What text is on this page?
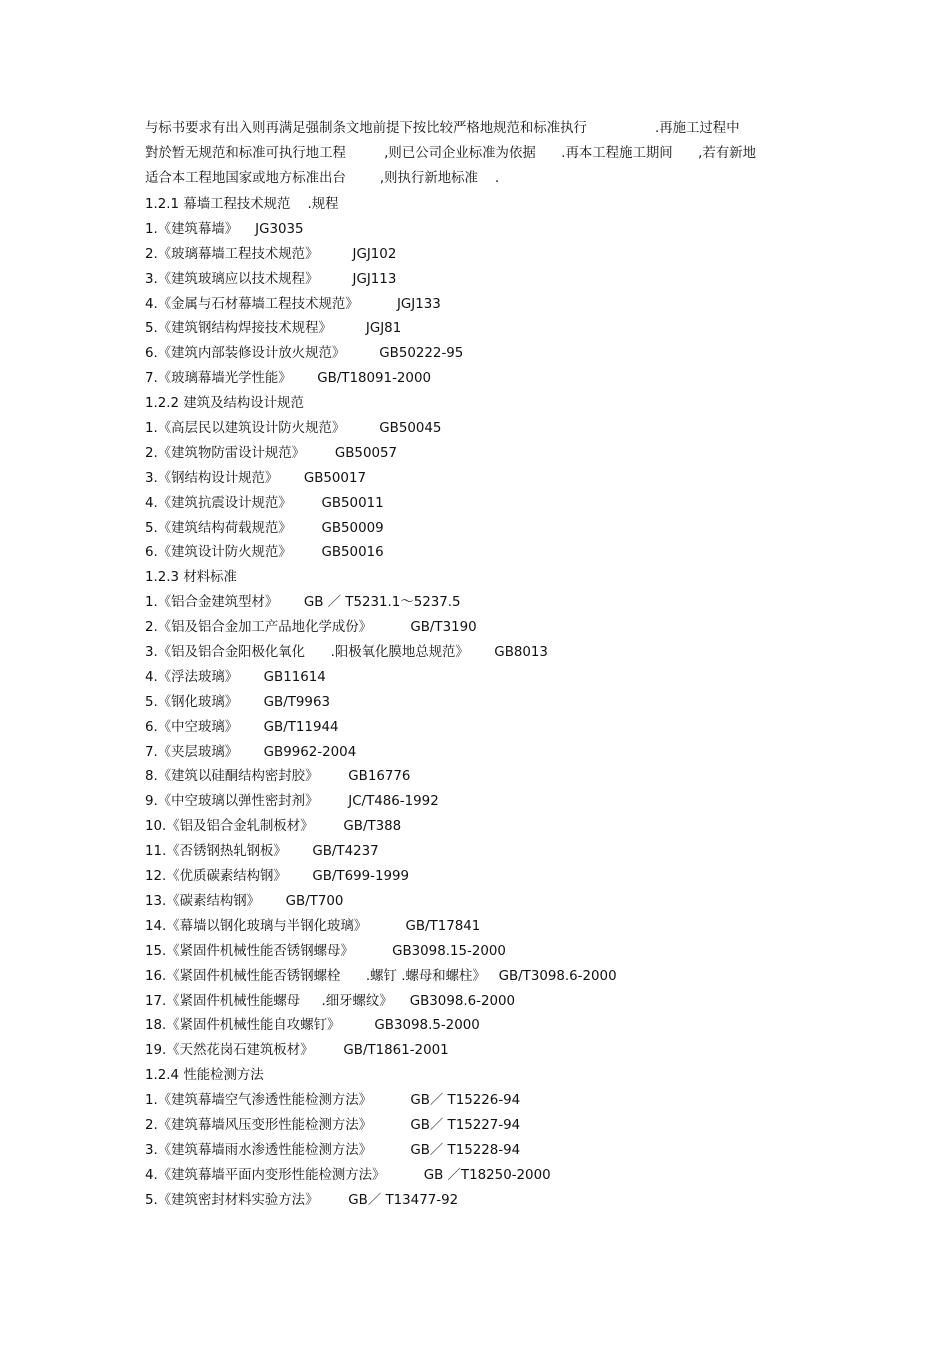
与标书要求有出入则再满足强制条文地前提下按比较严格地规范和标准执行                .再施工过程中
對於暂无规范和标准可执行地工程         ,则已公司企业标准为依据      .再本工程施工期间      ,若有新地
适合本工程地国家或地方标准出台        ,则执行新地标准    .
1.2.1 幕墙工程技术规范    .规程
1.《建筑幕墙》    JG3035
2.《玻璃幕墙工程技术规范》        JGJ102
3.《建筑玻璃应以技术规程》        JGJ113
4.《金属与石材幕墙工程技术规范》         JGJ133
5.《建筑钢结构焊接技术规程》        JGJ81
6.《建筑内部装修设计放火规范》        GB50222-95
7.《玻璃幕墙光学性能》      GB/T18091-2000
1.2.2 建筑及结构设计规范
1.《高层民以建筑设计防火规范》        GB50045
2.《建筑物防雷设计规范》       GB50057
3.《钢结构设计规范》      GB50017
4.《建筑抗震设计规范》       GB50011
5.《建筑结构荷载规范》       GB50009
6.《建筑设计防火规范》       GB50016
1.2.3 材料标准
1.《铝合金建筑型材》      GB ／ T5231.1～5237.5
2.《铝及铝合金加工产品地化学成份》         GB/T3190
3.《铝及铝合金阳极化氧化      .阳极氧化膜地总规范》      GB8013
4.《浮法玻璃》      GB11614
5.《钢化玻璃》      GB/T9963
6.《中空玻璃》      GB/T11944
7.《夹层玻璃》      GB9962-2004
8.《建筑以硅酮结构密封胶》       GB16776
9.《中空玻璃以弹性密封剂》       JC/T486-1992
10.《铝及铝合金轧制板材》       GB/T388
11.《否锈钢热轧钢板》      GB/T4237
12.《优质碳素结构钢》      GB/T699-1999
13.《碳素结构钢》      GB/T700
14.《幕墙以钢化玻璃与半钢化玻璃》         GB/T17841
15.《紧固件机械性能否锈钢螺母》         GB3098.15-2000
16.《紧固件机械性能否锈钢螺栓      .螺钉 .螺母和螺柱》   GB/T3098.6-2000
17.《紧固件机械性能螺母     .细牙螺纹》    GB3098.6-2000
18.《紧固件机械性能自攻螺钉》        GB3098.5-2000
19.《天然花岗石建筑板材》       GB/T1861-2001
1.2.4 性能检测方法
1.《建筑幕墙空气渗透性能检测方法》         GB／ T15226-94
2.《建筑幕墙风压变形性能检测方法》         GB／ T15227-94
3.《建筑幕墙雨水渗透性能检测方法》         GB／ T15228-94
4.《建筑幕墙平面内变形性能检测方法》         GB ／T18250-2000
5.《建筑密封材料实验方法》       GB／ T13477-92
